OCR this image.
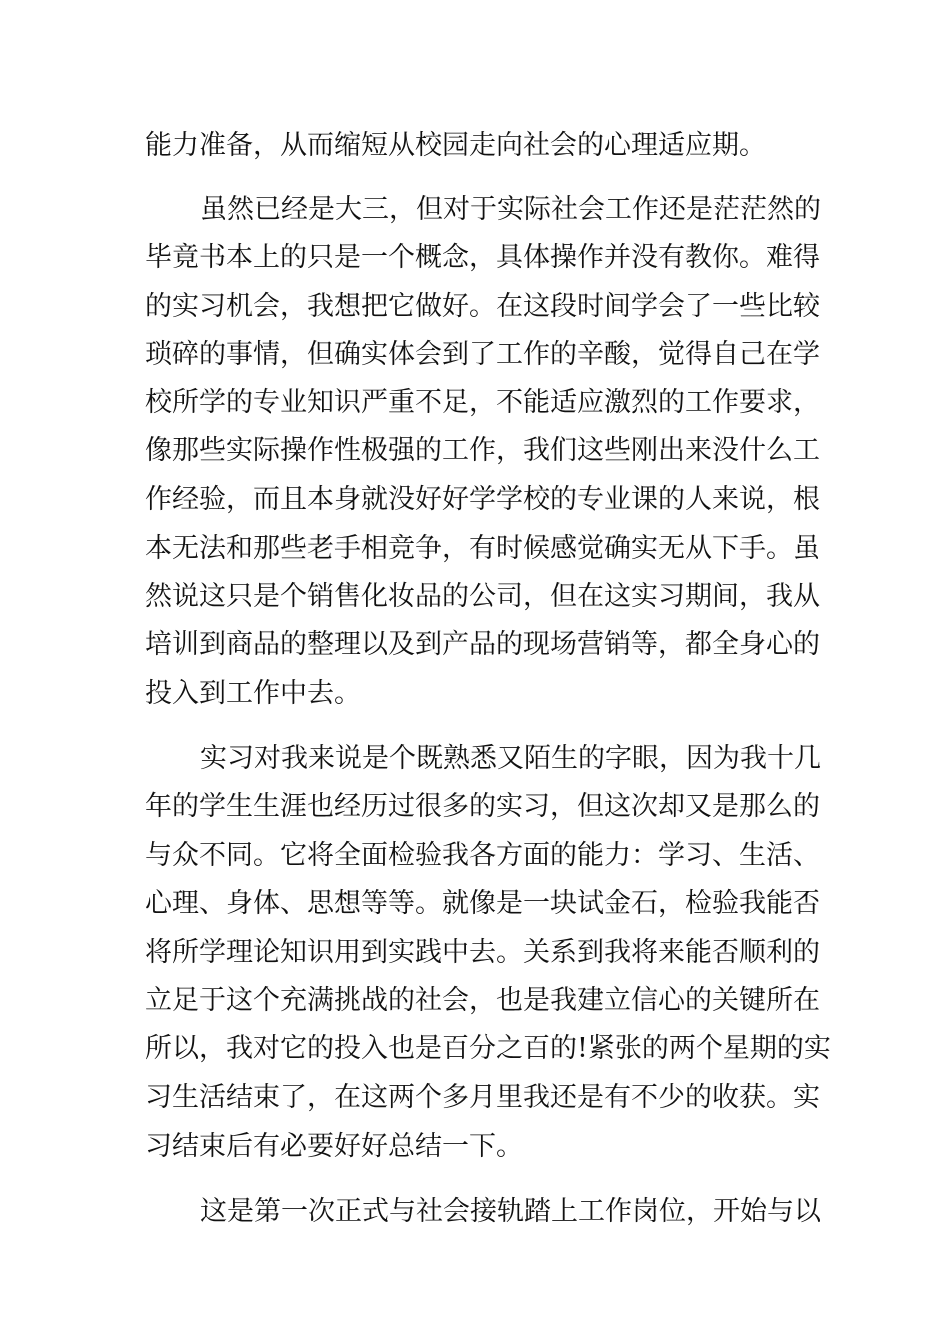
能力准备，从而缩短从校园走向社会的心理适应期。
虽 然 已 经 是 大 三 ， 但 对 于 实 际 社 会 工 作 还 是 茫 茫 然 的
毕 竟 书 本 上 的 只 是 一 个 概 念 ， 具 体 操 作 并 没 有 教 你 。 难 得
的 实 习 机 会 ， 我 想 把 它 做 好 。 在 这 段 时 间 学 会 了 一 些 比 较
琐 碎 的 事 情 ， 但 确 实 体 会 到 了 工 作 的 辛 酸 ， 觉 得 自 己 在 学
校 所 学 的 专 业 知 识 严 重 不 足 ， 不 能 适 应 激 烈 的 工 作 要 求 ，
像 那 些 实 际 操 作 性 极 强 的 工 作 ， 我 们 这 些 刚 出 来 没 什 么 工
作 经 验 ， 而 且 本 身 就 没 好 好 学 学 校 的 专 业 课 的 人 来 说 ， 根
本 无 法 和 那 些 老 手 相 竞 争 ， 有 时 候 感 觉 确 实 无 从 下 手 。 虽
然 说 这 只 是 个 销 售 化 妆 品 的 公 司 ， 但 在 这 实 习 期 间 ， 我 从
培 训 到 商 品 的 整 理 以 及 到 产 品 的 现 场 营 销 等 ， 都 全 身 心 的
投入到工作中去。
实 习 对 我 来 说 是 个 既 熟 悉 又 陌 生 的 字 眼 ， 因 为 我 十 几
年 的 学 生 生 涯 也 经 历 过 很 多 的 实 习 ， 但 这 次 却 又 是 那 么 的
与 众 不 同 。 它 将 全 面 检 验 我 各 方 面 的 能 力 ： 学 习 、 生 活 、
心 理 、 身 体 、 思 想 等 等 。 就 像 是 一 块 试 金 石 ， 检 验 我 能 否
将 所 学 理 论 知 识 用 到 实 践 中 去 。 关 系 到 我 将 来 能 否 顺 利 的
立 足 于 这 个 充 满 挑 战 的 社 会 ， 也 是 我 建 立 信 心 的 关 键 所 在
所 以 ， 我 对 它 的 投 入 也 是 百 分 之 百 的 ! 紧 张 的 两 个 星 期 的 实
习 生 活 结 束 了 ， 在 这 两 个 多 月 里 我 还 是 有 不 少 的 收 获 。 实
习结束后有必要好好总结一下。
这 是 第 一 次 正 式 与 社 会 接 轨 踏 上 工 作 岗 位 ， 开 始 与 以
